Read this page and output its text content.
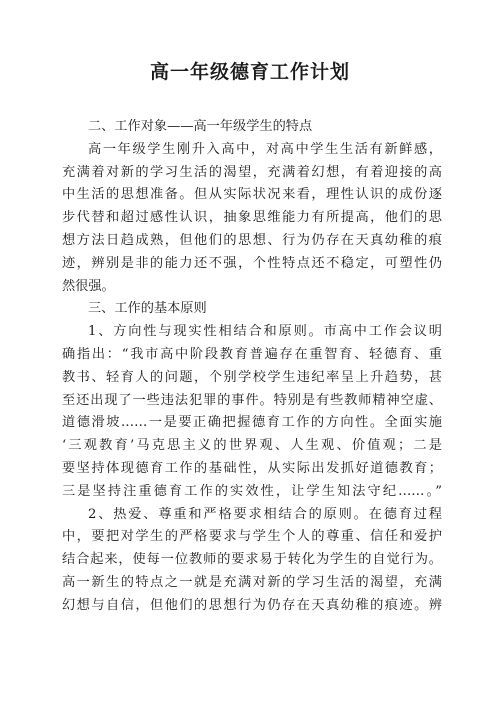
高一年级德育工作计划
二、工作对象——高一年级学生的特点
高一年级学生刚升入高中，对高中学生生活有新鲜感，
充满着对新的学习生活的渴望，充满着幻想，有着迎接的高
中生活的思想准备。但从实际状况来看，理性认识的成份逐
步代替和超过感性认识，抽象思维能力有所提高，他们的思
想方法日趋成熟，但他们的思想、行为仍存在天真幼稚的痕
迹，辨别是非的能力还不强，个性特点还不稳定，可塑性仍
然很强。
三、工作的基本原则
1、方向性与现实性相结合和原则。市高中工作会议明
确指出：“我市高中阶段教育普遍存在重智育、轻德育、重
教书、轻育人的问题，个别学校学生违纪率呈上升趋势，甚
至还出现了一些违法犯罪的事件。特别是有些教师精神空虚、
道德滑坡……一是要正确把握德育工作的方向性。全面实施
‘三观教育’马克思主义的世界观、人生观、价值观；二是
要坚持体现德育工作的基础性，从实际出发抓好道德教育；
三是坚持注重德育工作的实效性，让学生知法守纪……。”
2、热爱、尊重和严格要求相结合的原则。在德育过程
中，要把对学生的严格要求与学生个人的尊重、信任和爱护
结合起来，使每一位教师的要求易于转化为学生的自觉行为。
高一新生的特点之一就是充满对新的学习生活的渴望，充满
幻想与自信，但他们的思想行为仍存在天真幼稚的痕迹。辨
